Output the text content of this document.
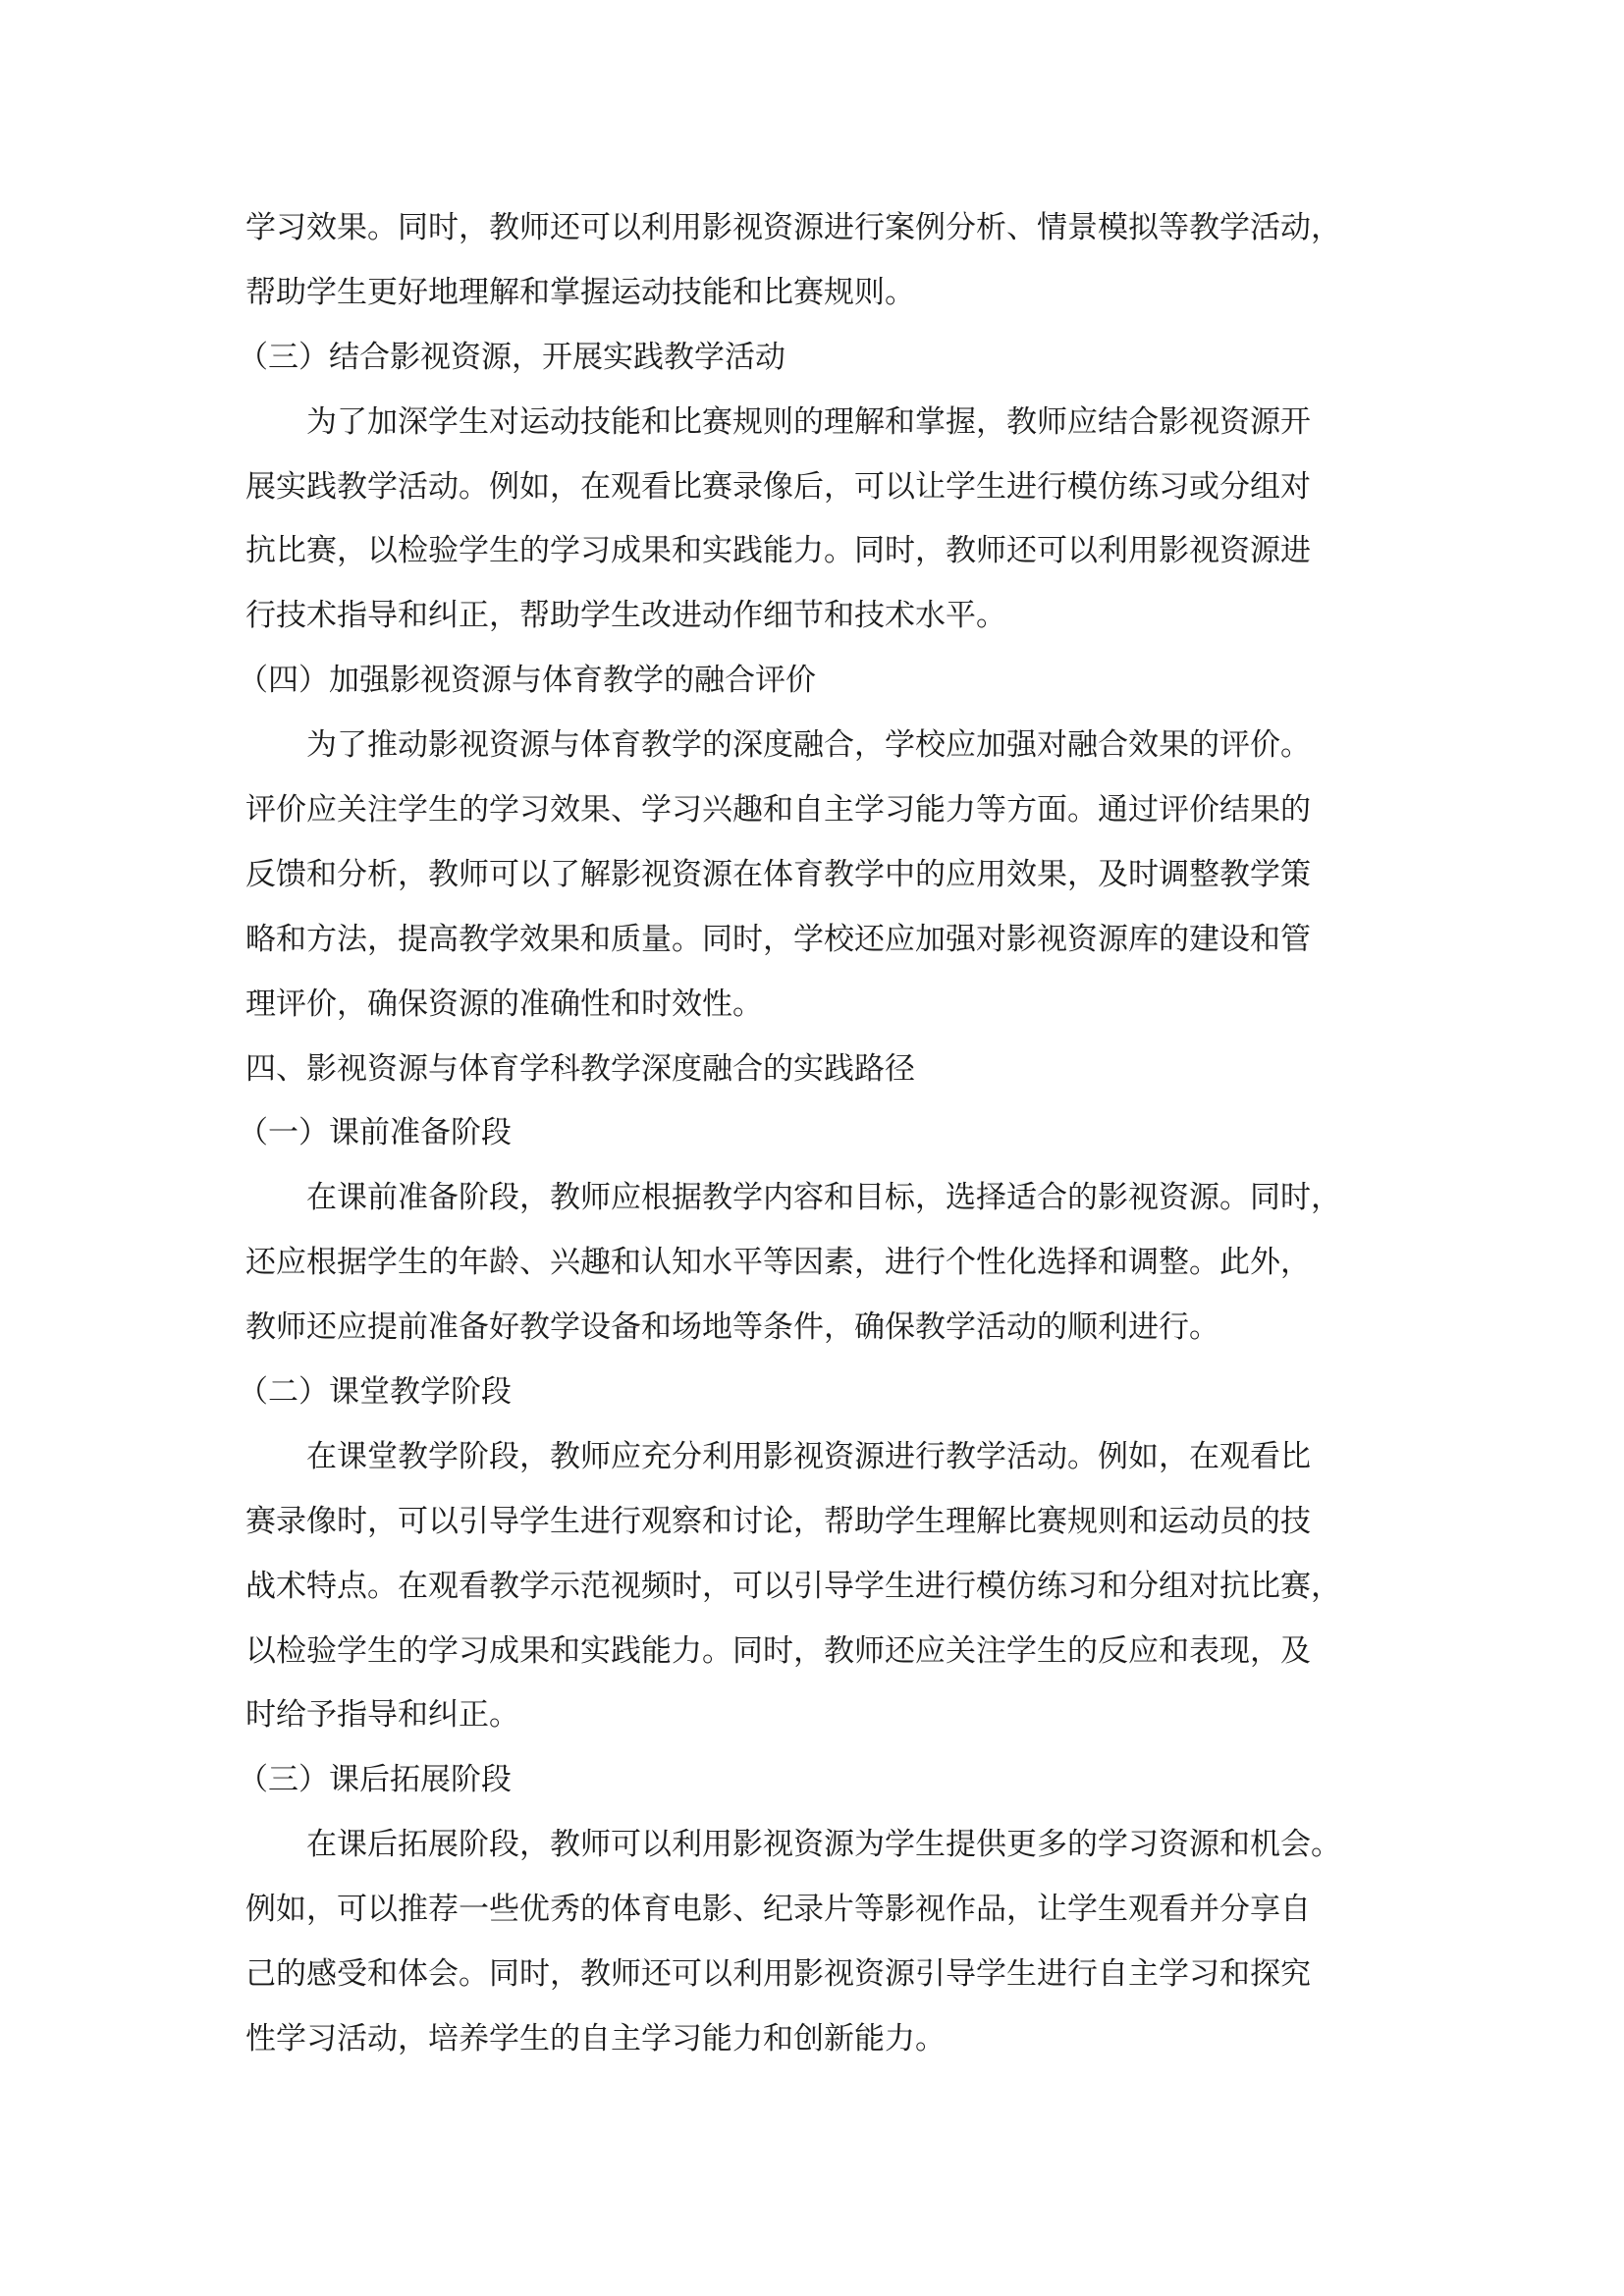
学习效果。同时，教师还可以利用影视资源进行案例分析、情景模拟等教学活动，
帮助学生更好地理解和掌握运动技能和比赛规则。
（三）结合影视资源，开展实践教学活动
为了加深学生对运动技能和比赛规则的理解和掌握，教师应结合影视资源开
展实践教学活动。例如，在观看比赛录像后，可以让学生进行模仿练习或分组对
抗比赛，以检验学生的学习成果和实践能力。同时，教师还可以利用影视资源进
行技术指导和纠正，帮助学生改进动作细节和技术水平。
（四）加强影视资源与体育教学的融合评价
为了推动影视资源与体育教学的深度融合，学校应加强对融合效果的评价。
评价应关注学生的学习效果、学习兴趣和自主学习能力等方面。通过评价结果的
反馈和分析，教师可以了解影视资源在体育教学中的应用效果，及时调整教学策
略和方法，提高教学效果和质量。同时，学校还应加强对影视资源库的建设和管
理评价，确保资源的准确性和时效性。
四、影视资源与体育学科教学深度融合的实践路径
（一）课前准备阶段
在课前准备阶段，教师应根据教学内容和目标，选择适合的影视资源。同时，
还应根据学生的年龄、兴趣和认知水平等因素，进行个性化选择和调整。此外，
教师还应提前准备好教学设备和场地等条件，确保教学活动的顺利进行。
（二）课堂教学阶段
在课堂教学阶段，教师应充分利用影视资源进行教学活动。例如，在观看比
赛录像时，可以引导学生进行观察和讨论，帮助学生理解比赛规则和运动员的技
战术特点。在观看教学示范视频时，可以引导学生进行模仿练习和分组对抗比赛，
以检验学生的学习成果和实践能力。同时，教师还应关注学生的反应和表现，及
时给予指导和纠正。
（三）课后拓展阶段
在课后拓展阶段，教师可以利用影视资源为学生提供更多的学习资源和机会。
例如，可以推荐一些优秀的体育电影、纪录片等影视作品，让学生观看并分享自
己的感受和体会。同时，教师还可以利用影视资源引导学生进行自主学习和探究
性学习活动，培养学生的自主学习能力和创新能力。
